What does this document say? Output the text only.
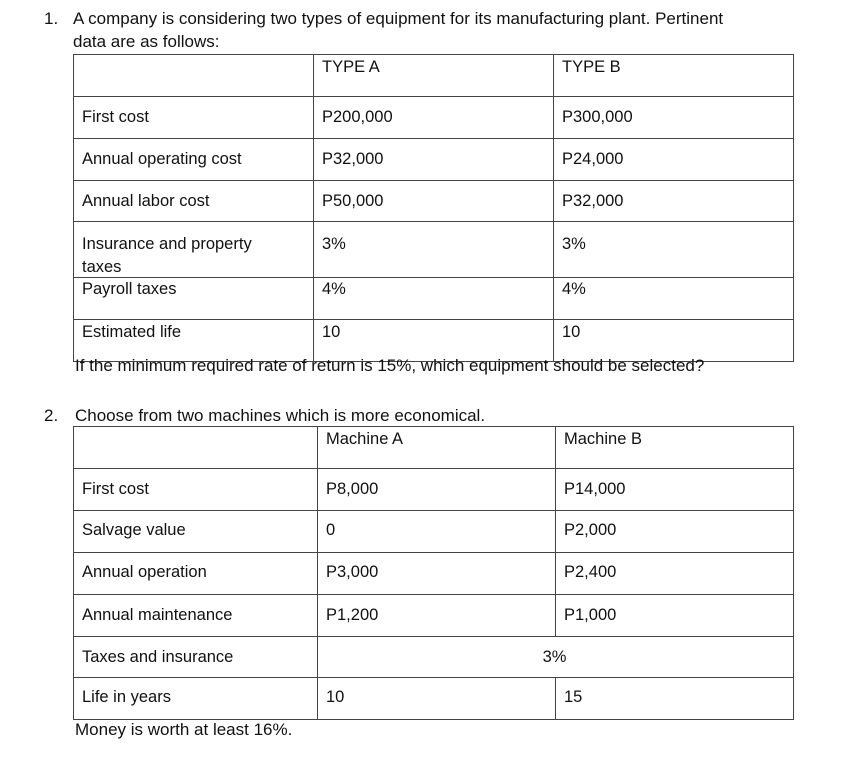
1. A company is considering two types of equipment for its manufacturing plant. Pertinent
data are as follows:

	TYPE A	TYPE B

First cost	P200,000	P300,000

Annual operating cost	P32,000	P24,000

Annual labor cost	P50,000	P32,000

Insurance and property
taxes	3%	3%

Payroll taxes	4%	4%

Estimated life	10	10
If the minimum required rate of return is 15%, which equipment should be selected?
2. Choose from two machines which is more economical.

	Machine A	Machine B

First cost	P8,000	P14,000

Salvage value	0	P2,000

Annual operation	P3,000	P2,400

Annual maintenance	P1,200	P1,000

Taxes and insurance	3%	

Life in years	10	15
Money is worth at least 16%.
